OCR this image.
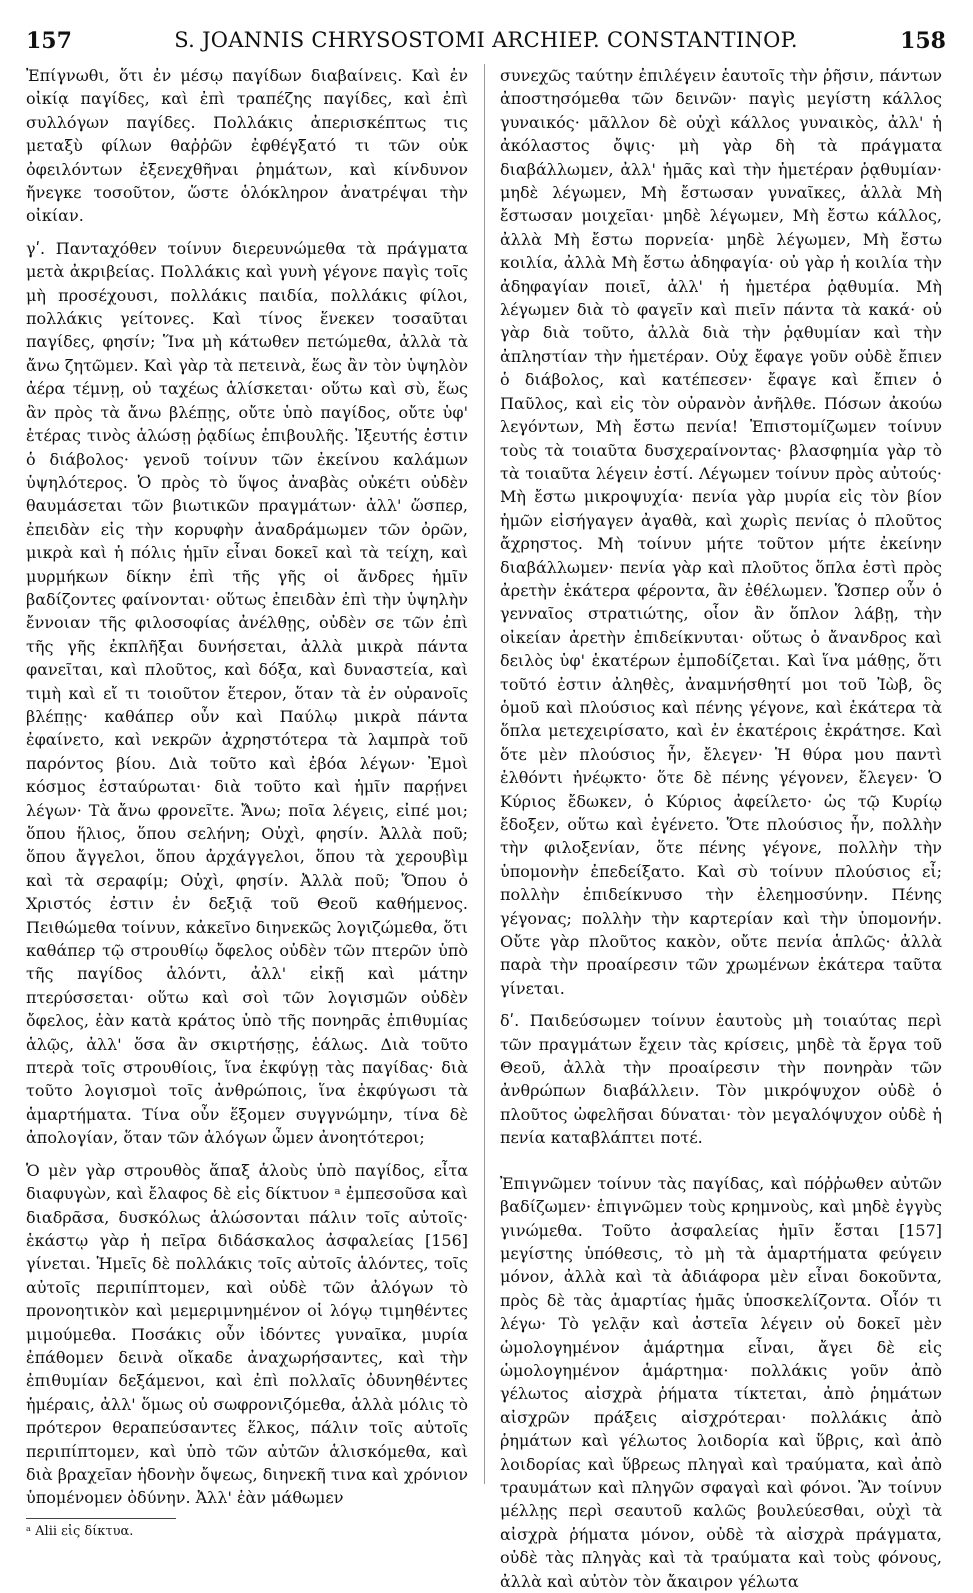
157	S. JOANNIS CHRYSOSTOMI ARCHIEP. CONSTANTINOP.	158

Ἐπίγνωθι, ὅτι ἐν μέσῳ παγίδων διαβαίνεις. Καὶ ἐν οἰκίᾳ παγίδες, καὶ ἐπὶ τραπέζης παγίδες, καὶ ἐπὶ συλλόγων παγίδες. Πολλάκις ἀπερισκέπτως τις μεταξὺ φίλων θαῤῥῶν ἐφθέγξατό τι τῶν οὐκ ὀφειλόντων ἐξενεχθῆναι ῥημάτων, καὶ κίνδυνον ἤνεγκε τοσοῦτον, ὥστε ὁλόκληρον ἀνατρέψαι τὴν οἰκίαν.

γʹ. Πανταχόθεν τοίνυν διερευνώμεθα τὰ πράγματα μετὰ ἀκριβείας. Πολλάκις καὶ γυνὴ γέγονε παγὶς τοῖς μὴ προσέχουσι, πολλάκις παιδία, πολλάκις φίλοι, πολλάκις γείτονες. Καὶ τίνος ἕνεκεν τοσαῦται παγίδες, φησίν; Ἵνα μὴ κάτωθεν πετώμεθα, ἀλλὰ τὰ ἄνω ζητῶμεν. Καὶ γὰρ τὰ πετεινὰ, ἕως ἂν τὸν ὑψηλὸν ἀέρα τέμνῃ, οὐ ταχέως ἁλίσκεται· οὕτω καὶ σὺ, ἕως ἂν πρὸς τὰ ἄνω βλέπῃς, οὔτε ὑπὸ παγίδος, οὔτε ὑφ' ἑτέρας τινὸς ἁλώσῃ ῥᾳδίως ἐπιβουλῆς. Ἰξευτής ἐστιν ὁ διάβολος· γενοῦ τοίνυν τῶν ἐκείνου καλάμων ὑψηλότερος. Ὁ πρὸς τὸ ὕψος ἀναβὰς οὐκέτι οὐδὲν θαυμάσεται τῶν βιωτικῶν πραγμάτων· ἀλλ' ὥσπερ, ἐπειδὰν εἰς τὴν κορυφὴν ἀναδράμωμεν τῶν ὀρῶν, μικρὰ καὶ ἡ πόλις ἡμῖν εἶναι δοκεῖ καὶ τὰ τείχη, καὶ μυρμήκων δίκην ἐπὶ τῆς γῆς οἱ ἄνδρες ἡμῖν βαδίζοντες φαίνονται· οὕτως ἐπειδὰν ἐπὶ τὴν ὑψηλὴν ἔννοιαν τῆς φιλοσοφίας ἀνέλθῃς, οὐδὲν σε τῶν ἐπὶ τῆς γῆς ἐκπλῆξαι δυνήσεται, ἀλλὰ μικρὰ πάντα φανεῖται, καὶ πλοῦτος, καὶ δόξα, καὶ δυναστεία, καὶ τιμὴ καὶ εἴ τι τοιοῦτον ἕτερον, ὅταν τὰ ἐν οὐρανοῖς βλέπῃς· καθάπερ οὖν καὶ Παύλῳ μικρὰ πάντα ἐφαίνετο, καὶ νεκρῶν ἀχρηστότερα τὰ λαμπρὰ τοῦ παρόντος βίου. Διὰ τοῦτο καὶ ἐβόα λέγων· Ἐμοὶ κόσμος ἐσταύρωται· διὰ τοῦτο καὶ ἡμῖν παρῄνει λέγων· Τὰ ἄνω φρονεῖτε. Ἄνω; ποῖα λέγεις, εἰπέ μοι; ὅπου ἥλιος, ὅπου σελήνη; Οὐχὶ, φησίν. Ἀλλὰ ποῦ; ὅπου ἄγγελοι, ὅπου ἀρχάγγελοι, ὅπου τὰ χερουβὶμ καὶ τὰ σεραφίμ; Οὐχὶ, φησίν. Ἀλλὰ ποῦ; Ὅπου ὁ Χριστός ἐστιν ἐν δεξιᾷ τοῦ Θεοῦ καθήμενος. Πειθώμεθα τοίνυν, κἀκεῖνο διηνεκῶς λογιζώμεθα, ὅτι καθάπερ τῷ στρουθίῳ ὄφελος οὐδὲν τῶν πτερῶν ὑπὸ τῆς παγίδος ἁλόντι, ἀλλ' εἰκῇ καὶ μάτην πτερύσσεται· οὕτω καὶ σοὶ τῶν λογισμῶν οὐδὲν ὄφελος, ἐὰν κατὰ κράτος ὑπὸ τῆς πονηρᾶς ἐπιθυμίας ἁλῷς, ἀλλ' ὅσα ἂν σκιρτήσῃς, ἑάλως. Διὰ τοῦτο πτερὰ τοῖς στρουθίοις, ἵνα ἐκφύγῃ τὰς παγίδας· διὰ τοῦτο λογισμοὶ τοῖς ἀνθρώποις, ἵνα ἐκφύγωσι τὰ ἁμαρτήματα. Τίνα οὖν ἕξομεν συγγνώμην, τίνα δὲ ἀπολογίαν, ὅταν τῶν ἀλόγων ὦμεν ἀνοητότεροι;

Ὁ μὲν γὰρ στρουθὸς ἅπαξ ἁλοὺς ὑπὸ παγίδος, εἶτα διαφυγὼν, καὶ ἔλαφος δὲ εἰς δίκτυον ᵃ ἐμπεσοῦσα καὶ διαδρᾶσα, δυσκόλως ἁλώσονται πάλιν τοῖς αὐτοῖς· ἑκάστῳ γὰρ ἡ πεῖρα διδάσκαλος ἀσφαλείας [156] γίνεται. Ἡμεῖς δὲ πολλάκις τοῖς αὐτοῖς ἁλόντες, τοῖς αὐτοῖς περιπίπτομεν, καὶ οὐδὲ τῶν ἀλόγων τὸ προνοητικὸν καὶ μεμεριμνημένον οἱ λόγῳ τιμηθέντες μιμούμεθα. Ποσάκις οὖν ἰδόντες γυναῖκα, μυρία ἐπάθομεν δεινὰ οἴκαδε ἀναχωρήσαντες, καὶ τὴν ἐπιθυμίαν δεξάμενοι, καὶ ἐπὶ πολλαῖς ὀδυνηθέντες ἡμέραις, ἀλλ' ὅμως οὐ σωφρονιζόμεθα, ἀλλὰ μόλις τὸ πρότερον θεραπεύσαντες ἕλκος, πάλιν τοῖς αὐτοῖς περιπίπτομεν, καὶ ὑπὸ τῶν αὐτῶν ἁλισκόμεθα, καὶ διὰ βραχεῖαν ἡδονὴν ὄψεως, διηνεκῆ τινα καὶ χρόνιον ὑπομένομεν ὀδύνην. Ἀλλ' ἐὰν μάθωμεν

ᵃ Alii εἰς δίκτυα.

συνεχῶς ταύτην ἐπιλέγειν ἑαυτοῖς τὴν ῥῆσιν, πάντων ἀποστησόμεθα τῶν δεινῶν· παγὶς μεγίστη κάλλος γυναικός· μᾶλλον δὲ οὐχὶ κάλλος γυναικὸς, ἀλλ' ἡ ἀκόλαστος ὄψις· μὴ γὰρ δὴ τὰ πράγματα διαβάλλωμεν, ἀλλ' ἡμᾶς καὶ τὴν ἡμετέραν ῥᾳθυμίαν· μηδὲ λέγωμεν, Μὴ ἔστωσαν γυναῖκες, ἀλλὰ Μὴ ἔστωσαν μοιχεῖαι· μηδὲ λέγωμεν, Μὴ ἔστω κάλλος, ἀλλὰ Μὴ ἔστω πορνεία· μηδὲ λέγωμεν, Μὴ ἔστω κοιλία, ἀλλὰ Μὴ ἔστω ἀδηφαγία· οὐ γὰρ ἡ κοιλία τὴν ἀδηφαγίαν ποιεῖ, ἀλλ' ἡ ἡμετέρα ῥᾳθυμία. Μὴ λέγωμεν διὰ τὸ φαγεῖν καὶ πιεῖν πάντα τὰ κακά· οὐ γὰρ διὰ τοῦτο, ἀλλὰ διὰ τὴν ῥᾳθυμίαν καὶ τὴν ἀπληστίαν τὴν ἡμετέραν. Οὐχ ἔφαγε γοῦν οὐδὲ ἔπιεν ὁ διάβολος, καὶ κατέπεσεν· ἔφαγε καὶ ἔπιεν ὁ Παῦλος, καὶ εἰς τὸν οὐρανὸν ἀνῆλθε. Πόσων ἀκούω λεγόντων, Μὴ ἔστω πενία! Ἐπιστομίζωμεν τοίνυν τοὺς τὰ τοιαῦτα δυσχεραίνοντας· βλασφημία γὰρ τὸ τὰ τοιαῦτα λέγειν ἐστί. Λέγωμεν τοίνυν πρὸς αὐτούς· Μὴ ἔστω μικροψυχία· πενία γὰρ μυρία εἰς τὸν βίον ἡμῶν εἰσήγαγεν ἀγαθὰ, καὶ χωρὶς πενίας ὁ πλοῦτος ἄχρηστος. Μὴ τοίνυν μήτε τοῦτον μήτε ἐκείνην διαβάλλωμεν· πενία γὰρ καὶ πλοῦτος ὅπλα ἐστὶ πρὸς ἀρετὴν ἑκάτερα φέροντα, ἂν ἐθέλωμεν. Ὥσπερ οὖν ὁ γενναῖος στρατιώτης, οἷον ἂν ὅπλον λάβῃ, τὴν οἰκείαν ἀρετὴν ἐπιδείκνυται· οὕτως ὁ ἄνανδρος καὶ δειλὸς ὑφ' ἑκατέρων ἐμποδίζεται. Καὶ ἵνα μάθῃς, ὅτι τοῦτό ἐστιν ἀληθὲς, ἀναμνήσθητί μοι τοῦ Ἰὼβ, ὃς ὁμοῦ καὶ πλούσιος καὶ πένης γέγονε, καὶ ἑκάτερα τὰ ὅπλα μετεχειρίσατο, καὶ ἐν ἑκατέροις ἐκράτησε. Καὶ ὅτε μὲν πλούσιος ἦν, ἔλεγεν· Ἡ θύρα μου παντὶ ἐλθόντι ἠνέῳκτο· ὅτε δὲ πένης γέγονεν, ἔλεγεν· Ὁ Κύριος ἔδωκεν, ὁ Κύριος ἀφείλετο· ὡς τῷ Κυρίῳ ἔδοξεν, οὕτω καὶ ἐγένετο. Ὅτε πλούσιος ἦν, πολλὴν τὴν φιλοξενίαν, ὅτε πένης γέγονε, πολλὴν τὴν ὑπομονὴν ἐπεδείξατο. Καὶ σὺ τοίνυν πλούσιος εἶ; πολλὴν ἐπιδείκνυσο τὴν ἐλεημοσύνην. Πένης γέγονας; πολλὴν τὴν καρτερίαν καὶ τὴν ὑπομονήν. Οὔτε γὰρ πλοῦτος κακὸν, οὔτε πενία ἁπλῶς· ἀλλὰ παρὰ τὴν προαίρεσιν τῶν χρωμένων ἑκάτερα ταῦτα γίνεται.

δʹ. Παιδεύσωμεν τοίνυν ἑαυτοὺς μὴ τοιαύτας περὶ τῶν πραγμάτων ἔχειν τὰς κρίσεις, μηδὲ τὰ ἔργα τοῦ Θεοῦ, ἀλλὰ τὴν προαίρεσιν τὴν πονηρὰν τῶν ἀνθρώπων διαβάλλειν. Τὸν μικρόψυχον οὐδὲ ὁ πλοῦτος ὠφελῆσαι δύναται· τὸν μεγαλόψυχον οὐδὲ ἡ πενία καταβλάπτει ποτέ.

Ἐπιγνῶμεν τοίνυν τὰς παγίδας, καὶ πόῤῥωθεν αὐτῶν βαδίζωμεν· ἐπιγνῶμεν τοὺς κρημνοὺς, καὶ μηδὲ ἐγγὺς γινώμεθα. Τοῦτο ἀσφαλείας ἡμῖν ἔσται [157] μεγίστης ὑπόθεσις, τὸ μὴ τὰ ἁμαρτήματα φεύγειν μόνον, ἀλλὰ καὶ τὰ ἀδιάφορα μὲν εἶναι δοκοῦντα, πρὸς δὲ τὰς ἁμαρτίας ἡμᾶς ὑποσκελίζοντα. Οἷόν τι λέγω· Τὸ γελᾷν καὶ ἀστεῖα λέγειν οὐ δοκεῖ μὲν ὡμολογημένον ἁμάρτημα εἶναι, ἄγει δὲ εἰς ὡμολογημένον ἁμάρτημα· πολλάκις γοῦν ἀπὸ γέλωτος αἰσχρὰ ῥήματα τίκτεται, ἀπὸ ῥημάτων αἰσχρῶν πράξεις αἰσχρότεραι· πολλάκις ἀπὸ ῥημάτων καὶ γέλωτος λοιδορία καὶ ὕβρις, καὶ ἀπὸ λοιδορίας καὶ ὕβρεως πληγαὶ καὶ τραύματα, καὶ ἀπὸ τραυμάτων καὶ πληγῶν σφαγαὶ καὶ φόνοι. Ἂν τοίνυν μέλλῃς περὶ σεαυτοῦ καλῶς βουλεύεσθαι, οὐχὶ τὰ αἰσχρὰ ῥήματα μόνον, οὐδὲ τὰ αἰσχρὰ πράγματα, οὐδὲ τὰς πληγὰς καὶ τὰ τραύματα καὶ τοὺς φόνους, ἀλλὰ καὶ αὐτὸν τὸν ἄκαιρον γέλωτα
